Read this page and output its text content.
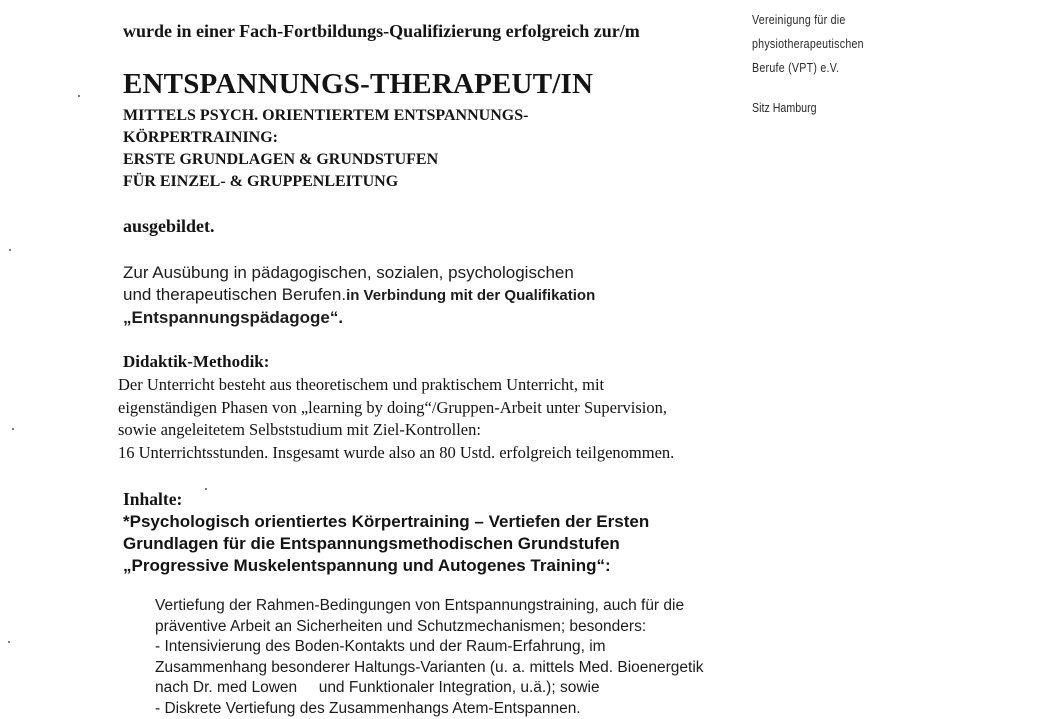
wurde in einer Fach-Fortbildungs-Qualifizierung erfolgreich zur/m
ENTSPANNUNGS-THERAPEUT/IN
MITTELS PSYCH. ORIENTIERTEM ENTSPANNUNGS-
KÖRPERTRAINING:
ERSTE GRUNDLAGEN & GRUNDSTUFEN
FÜR EINZEL- & GRUPPENLEITUNG
ausgebildet.
Vereinigung für die
physiotherapeutischen
Berufe (VPT) e.V.
Sitz Hamburg
Zur Ausübung in pädagogischen, sozialen, psychologischen
und therapeutischen Berufen.in Verbindung mit der Qualifikation
„Entspannungspädagoge“.
Didaktik-Methodik:
Der Unterricht besteht aus theoretischem und praktischem Unterricht, mit
eigenständigen Phasen von „learning by doing“/Gruppen-Arbeit unter Supervision,
sowie angeleitetem Selbststudium mit Ziel-Kontrollen:
16 Unterrichtsstunden. Insgesamt wurde also an 80 Ustd. erfolgreich teilgenommen.
Inhalte:
*Psychologisch orientiertes Körpertraining – Vertiefen der Ersten
Grundlagen für die Entspannungsmethodischen Grundstufen
„Progressive Muskelentspannung und Autogenes Training“:
Vertiefung der Rahmen-Bedingungen von Entspannungstraining, auch für die
präventive Arbeit an Sicherheiten und Schutzmechanismen; besonders:
- Intensivierung des Boden-Kontakts und der Raum-Erfahrung, im
Zusammenhang besonderer Haltungs-Varianten (u. a. mittels Med. Bioenergetik
nach Dr. med Lowen     und Funktionaler Integration, u.ä.); sowie
- Diskrete Vertiefung des Zusammenhangs Atem-Entspannen.
